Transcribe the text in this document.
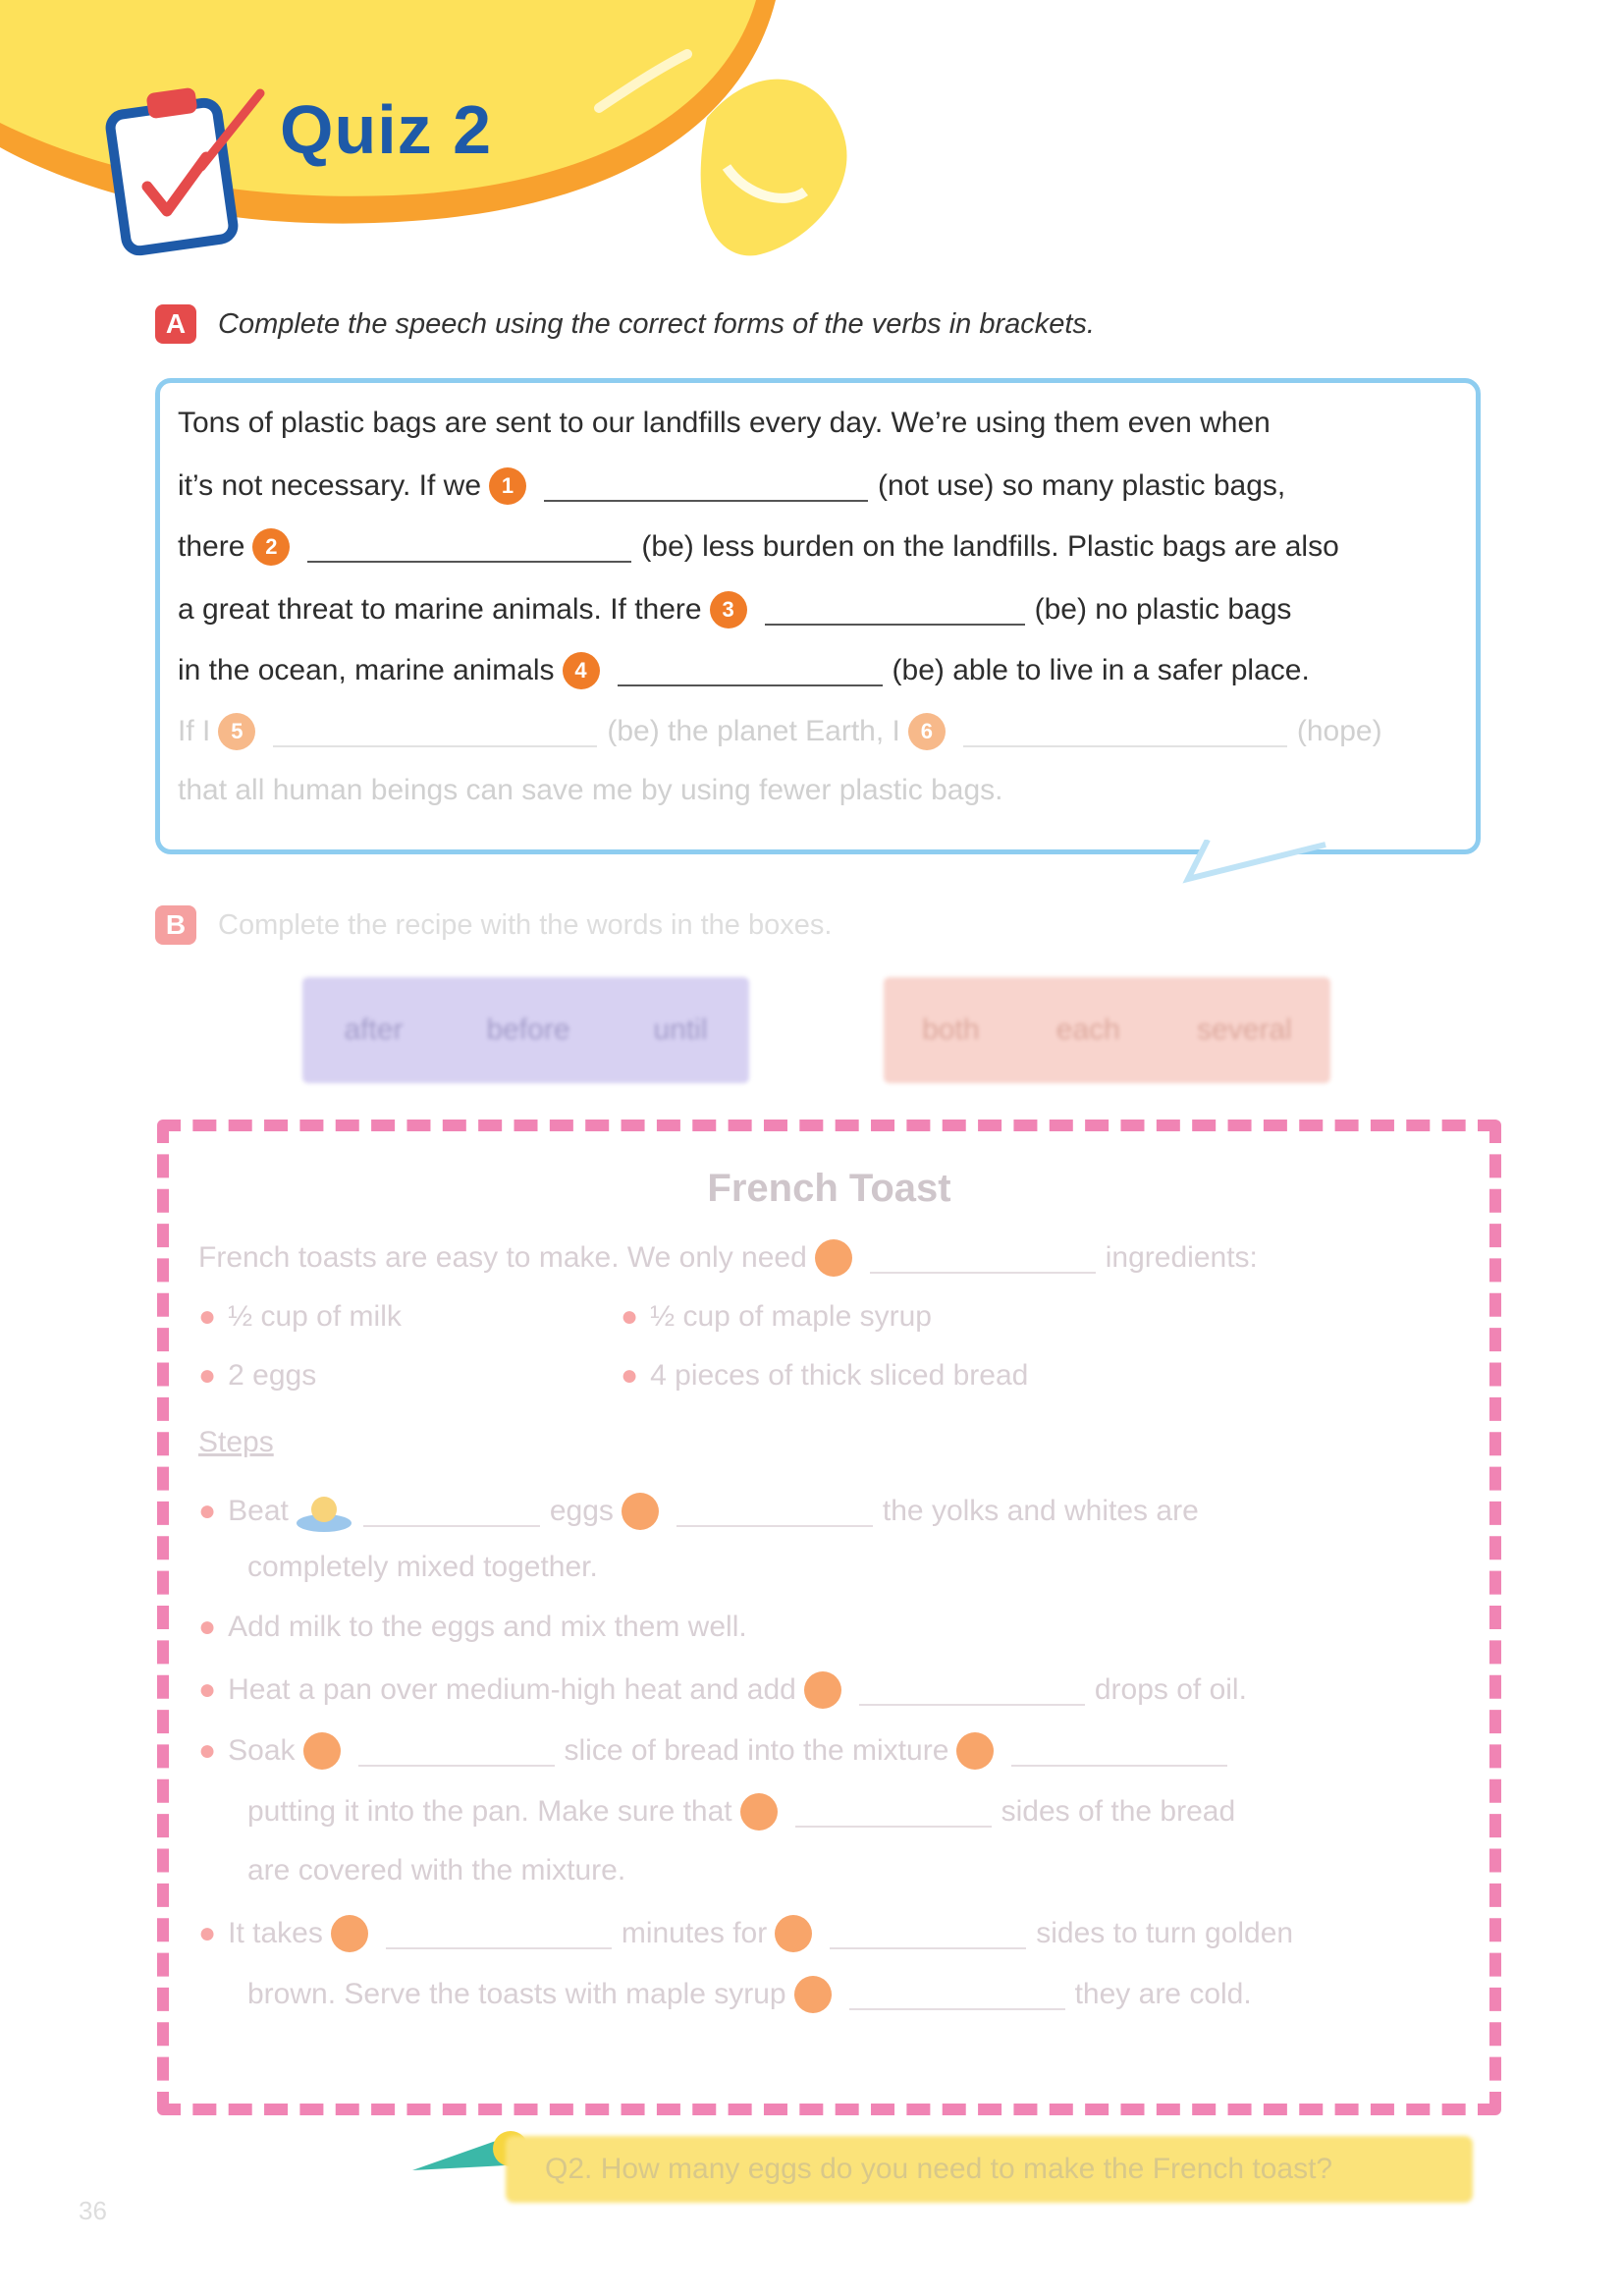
Quiz 2
A	Complete the speech using the correct forms of the verbs in brackets.
Tons of plastic bags are sent to our landfills every day. We’re using them even when
it’s not necessary. If we 1	(not use) so many plastic bags,
there 2	(be) less burden on the landfills. Plastic bags are also
a great threat to marine animals. If there 3	(be) no plastic bags
in the ocean, marine animals 4	(be) able to live in a safer place.
If I 5	(be) the planet Earth, I 6	(hope)
that all human beings can save me by using fewer plastic bags.
B	Complete the recipe with the words in the boxes.
after	before	until	both	each	several
French Toast
French toasts are easy to make. We only need	ingredients:
● ½ cup of milk	● ½ cup of maple syrup
● 2 eggs	● 4 pieces of thick sliced bread
Steps
● Beat	eggs	the yolks and whites are
completely mixed together.
● Add milk to the eggs and mix them well.
● Heat a pan over medium-high heat and add	drops of oil.
● Soak	slice of bread into the mixture
putting it into the pan. Make sure that	sides of the bread
are covered with the mixture.
● It takes	minutes for	sides to turn golden
brown. Serve the toasts with maple syrup	they are cold.
Q2. How many eggs do you need to make the French toast?
36
